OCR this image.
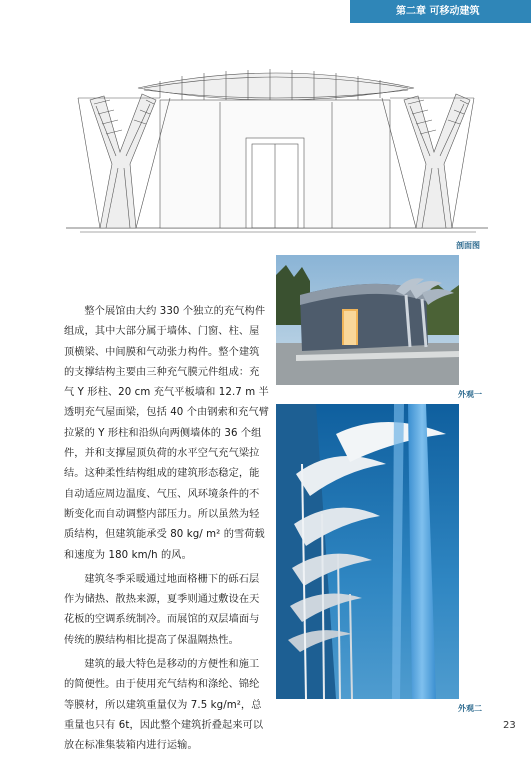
第二章 可移动建筑
剖面图
外观一
外观二

整个展馆由大约 330 个独立的充气构件组成，其中大部分属于墙体、门窗、柱、屋顶横梁、中间膜和气动张力构件。整个建筑的支撑结构主要由三种充气膜元件组成：充气 Y 形柱、20 cm 充气平板墙和 12.7 m 半透明充气屋面梁，包括 40 个由钢索和充气臂拉紧的 Y 形柱和沿纵向两侧墙体的 36 个组件，并和支撑屋顶负荷的水平空气充气梁拉结。这种柔性结构组成的建筑形态稳定，能自动适应周边温度、气压、风环境条件的不断变化而自动调整内部压力。所以虽然为轻质结构，但建筑能承受 80 kg/ m² 的雪荷载和速度为 180 km/h 的风。

建筑冬季采暖通过地面格栅下的砾石层作为储热、散热来源，夏季则通过敷设在天花板的空调系统制冷。而展馆的双层墙面与传统的膜结构相比提高了保温隔热性。

建筑的最大特色是移动的方便性和施工的简便性。由于使用充气结构和涤纶、锦纶等膜材，所以建筑重量仅为 7.5 kg/m²，总重量也只有 6t，因此整个建筑折叠起来可以放在标准集装箱内进行运输。

23
